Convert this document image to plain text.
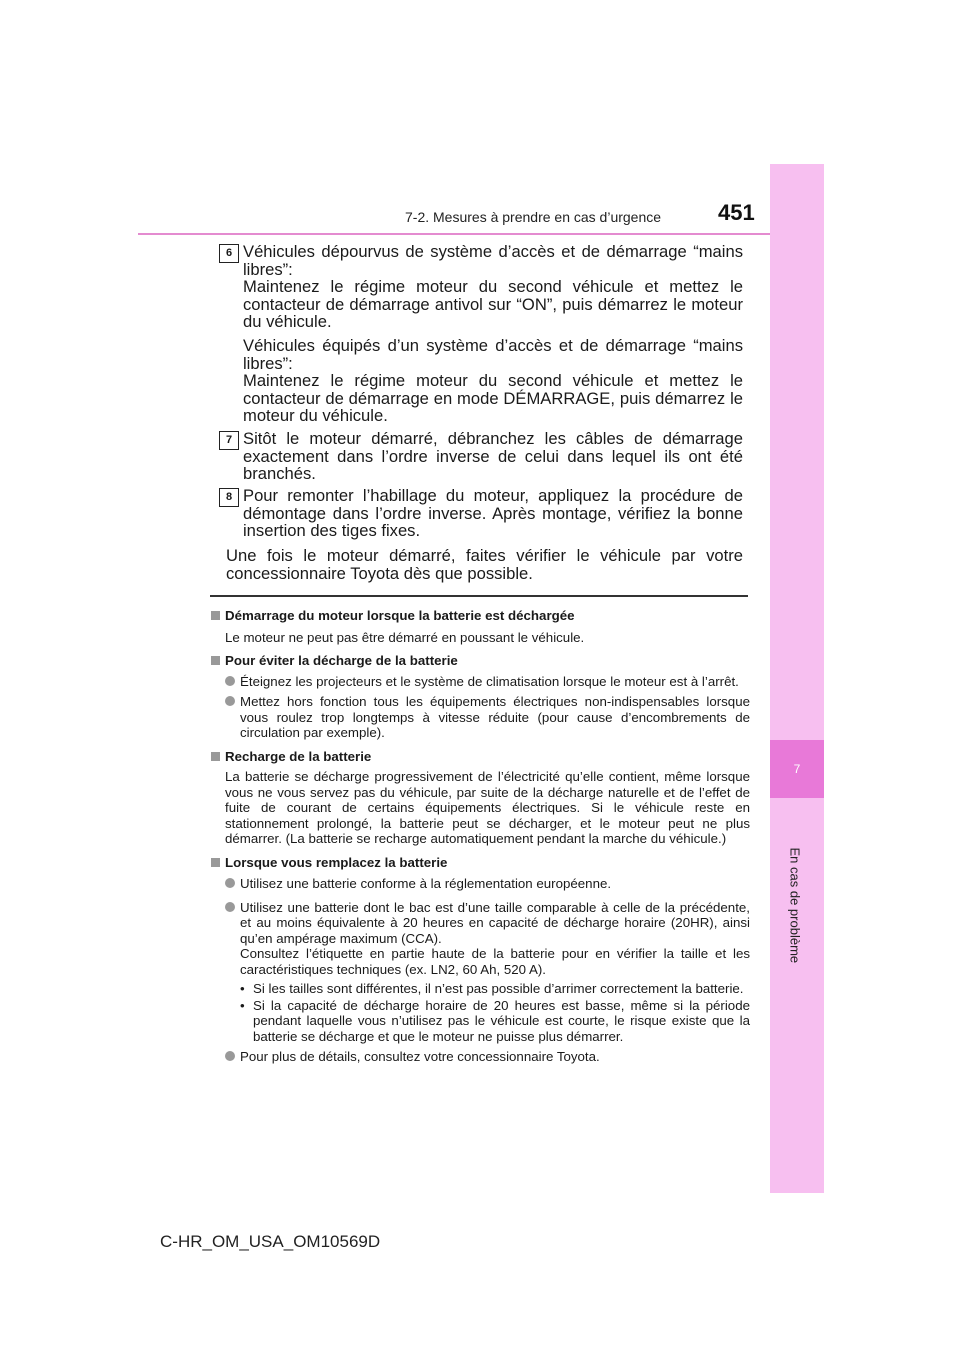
7-2. Mesures à prendre en cas d’urgence	451
7
En cas de problème
6 Véhicules dépourvus de système d’accès et de démarrage “mains libres”:

Maintenez le régime moteur du second véhicule et mettez le contacteur de démarrage antivol sur “ON”, puis démarrez le moteur du véhicule.

Véhicules équipés d’un système d’accès et de démarrage “mains libres”:

Maintenez le régime moteur du second véhicule et mettez le contacteur de démarrage en mode DÉMARRAGE, puis démarrez le moteur du véhicule.

7 Sitôt le moteur démarré, débranchez les câbles de démarrage exactement dans l’ordre inverse de celui dans lequel ils ont été branchés.
8 Pour remonter l’habillage du moteur, appliquez la procédure de démontage dans l’ordre inverse. Après montage, vérifiez la bonne insertion des tiges fixes.
Une fois le moteur démarré, faites vérifier le véhicule par votre concessionnaire Toyota dès que possible.
Démarrage du moteur lorsque la batterie est déchargée
Le moteur ne peut pas être démarré en poussant le véhicule.
Pour éviter la décharge de la batterie
Éteignez les projecteurs et le système de climatisation lorsque le moteur est à l’arrêt.
Mettez hors fonction tous les équipements électriques non-indispensables lorsque vous roulez trop longtemps à vitesse réduite (pour cause d’encombrements de circulation par exemple).
Recharge de la batterie
La batterie se décharge progressivement de l’électricité qu’elle contient, même lorsque vous ne vous servez pas du véhicule, par suite de la décharge naturelle et de l’effet de fuite de courant de certains équipements électriques. Si le véhicule reste en stationnement prolongé, la batterie peut se décharger, et le moteur peut ne plus démarrer. (La batterie se recharge automatiquement pendant la marche du véhicule.)
Lorsque vous remplacez la batterie
Utilisez une batterie conforme à la réglementation européenne.
Utilisez une batterie dont le bac est d’une taille comparable à celle de la précédente, et au moins équivalente à 20 heures en capacité de décharge horaire (20HR), ainsi qu’en ampérage maximum (CCA).
Consultez l’étiquette en partie haute de la batterie pour en vérifier la taille et les caractéristiques techniques (ex. LN2, 60 Ah, 520 A).
• Si les tailles sont différentes, il n’est pas possible d’arrimer correctement la batterie.
• Si la capacité de décharge horaire de 20 heures est basse, même si la période pendant laquelle vous n’utilisez pas le véhicule est courte, le risque existe que la batterie se décharge et que le moteur ne puisse plus démarrer.
Pour plus de détails, consultez votre concessionnaire Toyota.
C-HR_OM_USA_OM10569D
